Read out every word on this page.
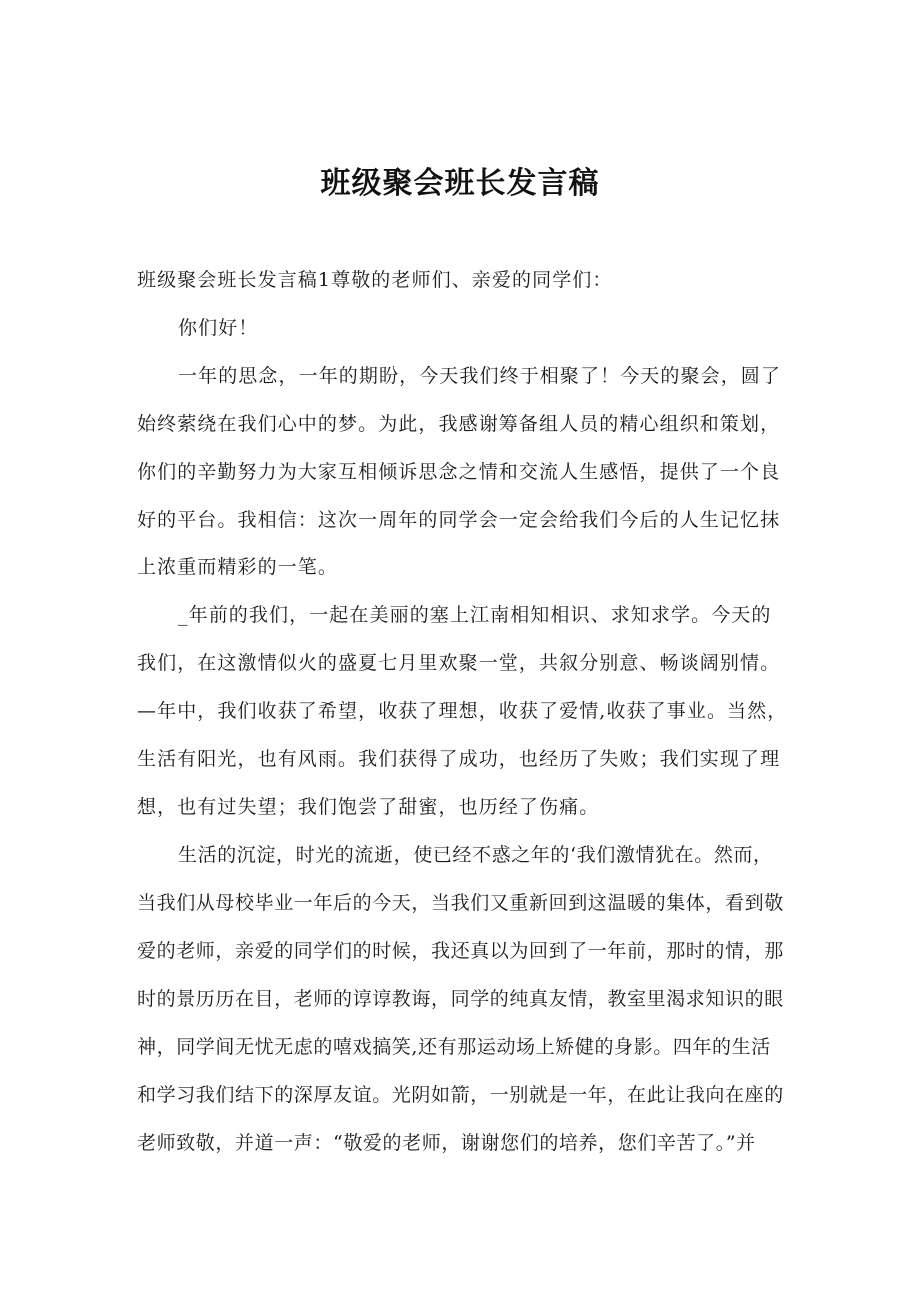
班级聚会班长发言稿
班级聚会班长发言稿1尊敬的老师们、亲爱的同学们：
你们好！
一年的思念，一年的期盼，今天我们终于相聚了！今天的聚会，圆了
始终萦绕在我们心中的梦。为此，我感谢筹备组人员的精心组织和策划，
你们的辛勤努力为大家互相倾诉思念之情和交流人生感悟，提供了一个良
好的平台。我相信：这次一周年的同学会一定会给我们今后的人生记忆抹
上浓重而精彩的一笔。
_年前的我们，一起在美丽的塞上江南相知相识、求知求学。今天的
我们，在这激情似火的盛夏七月里欢聚一堂，共叙分别意、畅谈阔别情。
—年中，我们收获了希望，收获了理想，收获了爱情,收获了事业。当然，
生活有阳光，也有风雨。我们获得了成功，也经历了失败；我们实现了理
想，也有过失望；我们饱尝了甜蜜，也历经了伤痛。
生活的沉淀，时光的流逝，使已经不惑之年的‘我们激情犹在。然而，
当我们从母校毕业一年后的今天，当我们又重新回到这温暖的集体，看到敬
爱的老师，亲爱的同学们的时候，我还真以为回到了一年前，那时的情，那
时的景历历在目，老师的谆谆教诲，同学的纯真友情，教室里渴求知识的眼
神，同学间无忧无虑的嘻戏搞笑,还有那运动场上矫健的身影。四年的生活
和学习我们结下的深厚友谊。光阴如箭，一别就是一年，在此让我向在座的
老师致敬，并道一声：“敬爱的老师，谢谢您们的培养，您们辛苦了。”并
